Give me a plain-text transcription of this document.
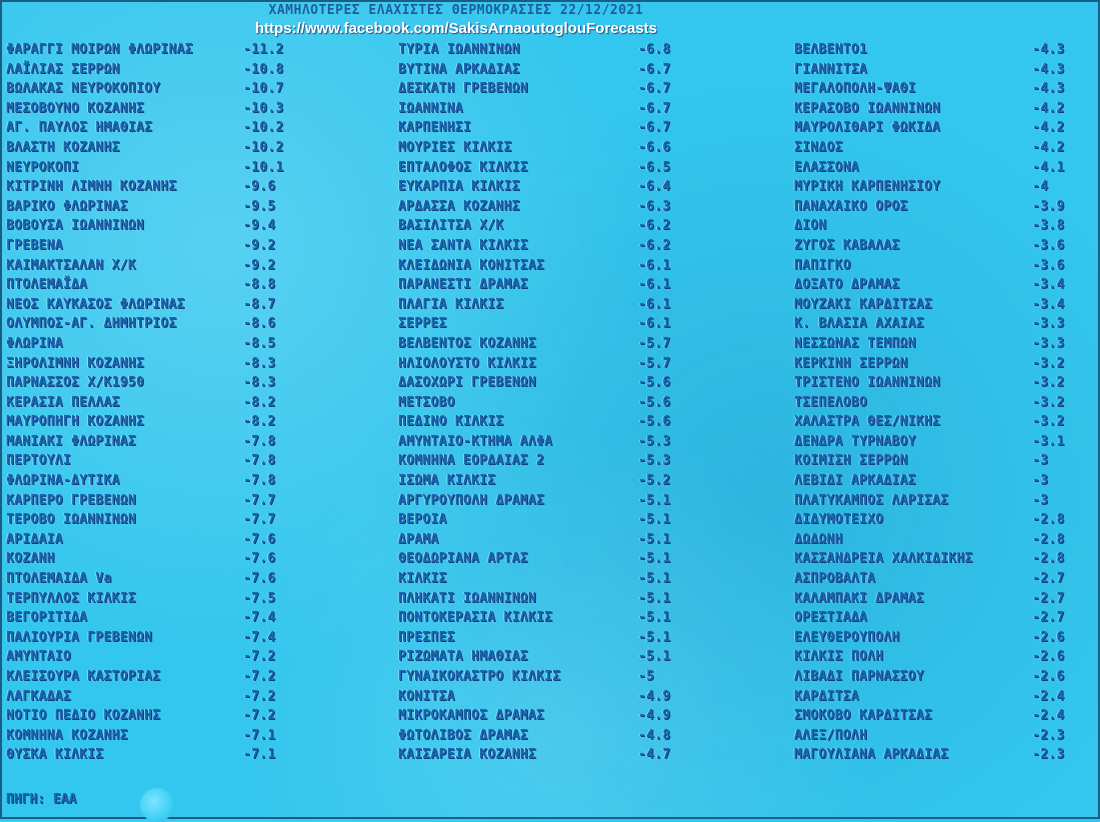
ΧΑΜΗΛΟΤΕΡΕΣ ΕΛΑΧΙΣΤΕΣ ΘΕΡΜΟΚΡΑΣΙΕΣ 22/12/2021
https://www.facebook.com/SakisArnaoutoglouForecasts
ΦΑΡΑΓΓΙ ΜΟΙΡΩΝ ΦΛΩΡΙΝΑΣ	-11.2
ΛΑΪΛΙΑΣ ΣΕΡΡΩΝ	-10.8
ΒΩΛΑΚΑΣ ΝΕΥΡΟΚΟΠΙΟΥ	-10.7
ΜΕΣΟΒΟΥΝΟ ΚΟΖΑΝΗΣ	-10.3
ΑΓ. ΠΑΥΛΟΣ ΗΜΑΘΙΑΣ	-10.2
ΒΛΑΣΤΗ ΚΟΖΑΝΗΣ	-10.2
ΝΕΥΡΟΚΟΠΙ	-10.1
ΚΙΤΡΙΝΗ ΛΙΜΝΗ ΚΟΖΑΝΗΣ	-9.6
ΒΑΡΙΚΟ ΦΛΩΡΙΝΑΣ	-9.5
ΒΟΒΟΥΣΑ ΙΩΑΝΝΙΝΩΝ	-9.4
ΓΡΕΒΕΝΑ	-9.2
ΚΑΙΜΑΚΤΣΑΛΑΝ Χ/Κ	-9.2
ΠΤΟΛΕΜΑΪΔΑ	-8.8
ΝΕΟΣ ΚΑΥΚΑΣΟΣ ΦΛΩΡΙΝΑΣ	-8.7
ΟΛΥΜΠΟΣ-ΑΓ. ΔΗΜΗΤΡΙΟΣ	-8.6
ΦΛΩΡΙΝΑ	-8.5
ΞΗΡΟΛΙΜΝΗ ΚΟΖΑΝΗΣ	-8.3
ΠΑΡΝΑΣΣΟΣ Χ/Κ1950	-8.3
ΚΕΡΑΣΙΑ ΠΕΛΛΑΣ	-8.2
ΜΑΥΡΟΠΗΓΗ ΚΟΖΑΝΗΣ	-8.2
ΜΑΝΙΑΚΙ ΦΛΩΡΙΝΑΣ	-7.8
ΠΕΡΤΟΥΛΙ	-7.8
ΦΛΩΡΙΝΑ-ΔΥΤΙΚΑ	-7.8
ΚΑΡΠΕΡΟ ΓΡΕΒΕΝΩΝ	-7.7
ΤΕΡΟΒΟ ΙΩΑΝΝΙΝΩΝ	-7.7
ΑΡΙΔΑΙΑ	-7.6
ΚΟΖΑΝΗ	-7.6
ΠΤΟΛΕΜΑΙΔΑ Va	-7.6
ΤΕΡΠΥΛΛΟΣ ΚΙΛΚΙΣ	-7.5
ΒΕΓΟΡΙΤΙΔΑ	-7.4
ΠΑΛΙΟΥΡΙΑ ΓΡΕΒΕΝΩΝ	-7.4
ΑΜΥΝΤΑΙΟ	-7.2
ΚΛΕΙΣΟΥΡΑ ΚΑΣΤΟΡΙΑΣ	-7.2
ΛΑΓΚΑΔΑΣ	-7.2
ΝΟΤΙΟ ΠΕΔΙΟ ΚΟΖΑΝΗΣ	-7.2
ΚΟΜΝΗΝΑ ΚΟΖΑΝΗΣ	-7.1
ΘΥΣΚΑ ΚΙΛΚΙΣ	-7.1
ΤΥΡΙΑ ΙΩΑΝΝΙΝΩΝ	-6.8
ΒΥΤΙΝΑ ΑΡΚΑΔΙΑΣ	-6.7
ΔΕΣΚΑΤΗ ΓΡΕΒΕΝΩΝ	-6.7
ΙΩΑΝΝΙΝΑ	-6.7
ΚΑΡΠΕΝΗΣΙ	-6.7
ΜΟΥΡΙΕΣ ΚΙΛΚΙΣ	-6.6
ΕΠΤΑΛΟΦΟΣ ΚΙΛΚΙΣ	-6.5
ΕΥΚΑΡΠΙΑ ΚΙΛΚΙΣ	-6.4
ΑΡΔΑΣΣΑ ΚΟΖΑΝΗΣ	-6.3
ΒΑΣΙΛΙΤΣΑ Χ/Κ	-6.2
ΝΕΑ ΣΑΝΤΑ ΚΙΛΚΙΣ	-6.2
ΚΛΕΙΔΩΝΙΑ ΚΟΝΙΤΣΑΣ	-6.1
ΠΑΡΑΝΕΣΤΙ ΔΡΑΜΑΣ	-6.1
ΠΛΑΓΙΑ ΚΙΛΚΙΣ	-6.1
ΣΕΡΡΕΣ	-6.1
ΒΕΛΒΕΝΤΟΣ ΚΟΖΑΝΗΣ	-5.7
ΗΛΙΟΛΟΥΣΤΟ ΚΙΛΚΙΣ	-5.7
ΔΑΣΟΧΩΡΙ ΓΡΕΒΕΝΩΝ	-5.6
ΜΕΤΣΟΒΟ	-5.6
ΠΕΔΙΝΟ ΚΙΛΚΙΣ	-5.6
ΑΜΥΝΤΑΙΟ-ΚΤΗΜΑ ΑΛΦΑ	-5.3
ΚΟΜΝΗΝΑ ΕΟΡΔΑΙΑΣ 2	-5.3
ΙΣΩΜΑ ΚΙΛΚΙΣ	-5.2
ΑΡΓΥΡΟΥΠΟΛΗ ΔΡΑΜΑΣ	-5.1
ΒΕΡΟΙΑ	-5.1
ΔΡΑΜΑ	-5.1
ΘΕΟΔΩΡΙΑΝΑ ΑΡΤΑΣ	-5.1
ΚΙΛΚΙΣ	-5.1
ΠΛΗΚΑΤΙ ΙΩΑΝΝΙΝΩΝ	-5.1
ΠΟΝΤΟΚΕΡΑΣΙΑ ΚΙΛΚΙΣ	-5.1
ΠΡΕΣΠΕΣ	-5.1
ΡΙΖΩΜΑΤΑ ΗΜΑΘΙΑΣ	-5.1
ΓΥΝΑΙΚΟΚΑΣΤΡΟ ΚΙΛΚΙΣ	-5
ΚΟΝΙΤΣΑ	-4.9
ΜΙΚΡΟΚΑΜΠΟΣ ΔΡΑΜΑΣ	-4.9
ΦΩΤΟΛΙΒΟΣ ΔΡΑΜΑΣ	-4.8
ΚΑΙΣΑΡΕΙΑ ΚΟΖΑΝΗΣ	-4.7
ΒΕΛΒΕΝΤΟ1	-4.3
ΓΙΑΝΝΙΤΣΑ	-4.3
ΜΕΓΑΛΟΠΟΛΗ-ΨΑΘΙ	-4.3
ΚΕΡΑΣΟΒΟ ΙΩΑΝΝΙΝΩΝ	-4.2
ΜΑΥΡΟΛΙΘΑΡΙ ΦΩΚΙΔΑ	-4.2
ΣΙΝΔΟΣ	-4.2
ΕΛΑΣΣΟΝΑ	-4.1
ΜΥΡΙΚΗ ΚΑΡΠΕΝΗΣΙΟΥ	-4
ΠΑΝΑΧΑΙΚΟ ΟΡΟΣ	-3.9
ΔΙΟΝ	-3.8
ΖΥΓΟΣ ΚΑΒΑΛΑΣ	-3.6
ΠΑΠΙΓΚΟ	-3.6
ΔΟΞΑΤΟ ΔΡΑΜΑΣ	-3.4
ΜΟΥΖΑΚΙ ΚΑΡΔΙΤΣΑΣ	-3.4
Κ. ΒΛΑΣΙΑ ΑΧΑΙΑΣ	-3.3
ΝΕΣΣΩΝΑΣ ΤΕΜΠΩΝ	-3.3
ΚΕΡΚΙΝΗ ΣΕΡΡΩΝ	-3.2
ΤΡΙΣΤΕΝΟ ΙΩΑΝΝΙΝΩΝ	-3.2
ΤΣΕΠΕΛΟΒΟ	-3.2
ΧΑΛΑΣΤΡΑ ΘΕΣ/ΝΙΚΗΣ	-3.2
ΔΕΝΔΡΑ ΤΥΡΝΑΒΟΥ	-3.1
ΚΟΙΜΙΣΗ ΣΕΡΡΩΝ	-3
ΛΕΒΙΔΙ ΑΡΚΑΔΙΑΣ	-3
ΠΛΑΤΥΚΑΜΠΟΣ ΛΑΡΙΣΑΣ	-3
ΔΙΔΥΜΟΤΕΙΧΟ	-2.8
ΔΩΔΩΝΗ	-2.8
ΚΑΣΣΑΝΔΡΕΙΑ ΧΑΛΚΙΔΙΚΗΣ	-2.8
ΑΣΠΡΟΒΑΛΤΑ	-2.7
ΚΑΛΑΜΠΑΚΙ ΔΡΑΜΑΣ	-2.7
ΟΡΕΣΤΙΑΔΑ	-2.7
ΕΛΕΥΘΕΡΟΥΠΟΛΗ	-2.6
ΚΙΛΚΙΣ ΠΟΛΗ	-2.6
ΛΙΒΑΔΙ ΠΑΡΝΑΣΣΟΥ	-2.6
ΚΑΡΔΙΤΣΑ	-2.4
ΣΜΟΚΟΒΟ ΚΑΡΔΙΤΣΑΣ	-2.4
ΑΛΕΞ/ΠΟΛΗ	-2.3
ΜΑΓΟΥΛΙΑΝΑ ΑΡΚΑΔΙΑΣ	-2.3
ΠΗΓΗ: ΕΑΑ
